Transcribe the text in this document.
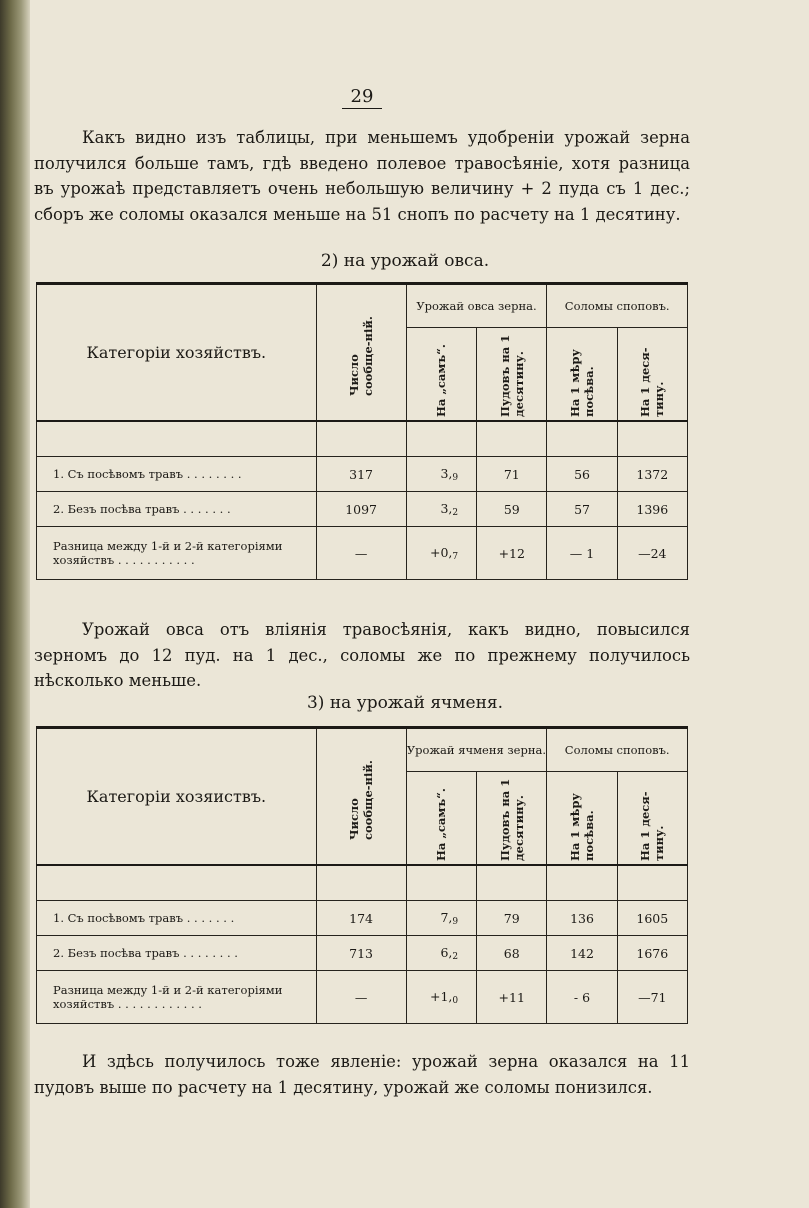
29

Какъ видно изъ таблицы, при меньшемъ удобреніи урожай зерна получился больше тамъ, гдѣ введено полевое травосѣяніе, хотя разница въ урожаѣ представляетъ очень небольшую величину + 2 пуда съ 1 дес.; сборъ же соломы оказался меньше на 51 снопъ по расчету на 1 десятину.

2) на урожай овса.
Категоріи хозяйствъ.	Число сообще-ній.	Урожай овса зерна.		Соломы споповъ.	

		На „самъ“.	Пудовъ на 1 десятину.	На 1 мѣру посѣва.	На 1 деся-тину.

1. Съ посѣвомъ травъ . . . . . . . .	317	3,9	71	56	1372
2. Безъ посѣва травъ . . . . . . .	1097	3,2	59	57	1396
Разница между 1-й и 2-й категоріями
хозяйствъ . . . . . . . . . . .	—	+0,7	+12	— 1	—24

Урожай овса отъ вліянія травосѣянія, какъ видно, повысился зерномъ до 12 пуд. на 1 дес., соломы же по прежнему получилось нѣсколько меньше.

3) на урожай ячменя.
Категоріи хозяиствъ.	Число сообще-ній.	Урожай ячменя зерна.		Соломы споповъ.	

		На „самъ“.	Пудовъ на 1 десятину.	На 1 мѣру посѣва.	На 1 деся-тину.

1. Съ посѣвомъ травъ . . . . . . .	174	7,9	79	136	1605
2. Безъ посѣва травъ . . . . . . . .	713	6,2	68	142	1676
Разница между 1-й и 2-й категоріями
хозяйствъ . . . . . . . . . . . .	—	+1,0	+11	- 6	—71

И здѣсь получилось тоже явленіе: урожай зерна оказался на 11 пудовъ выше по расчету на 1 десятину, урожай же соломы понизился.
